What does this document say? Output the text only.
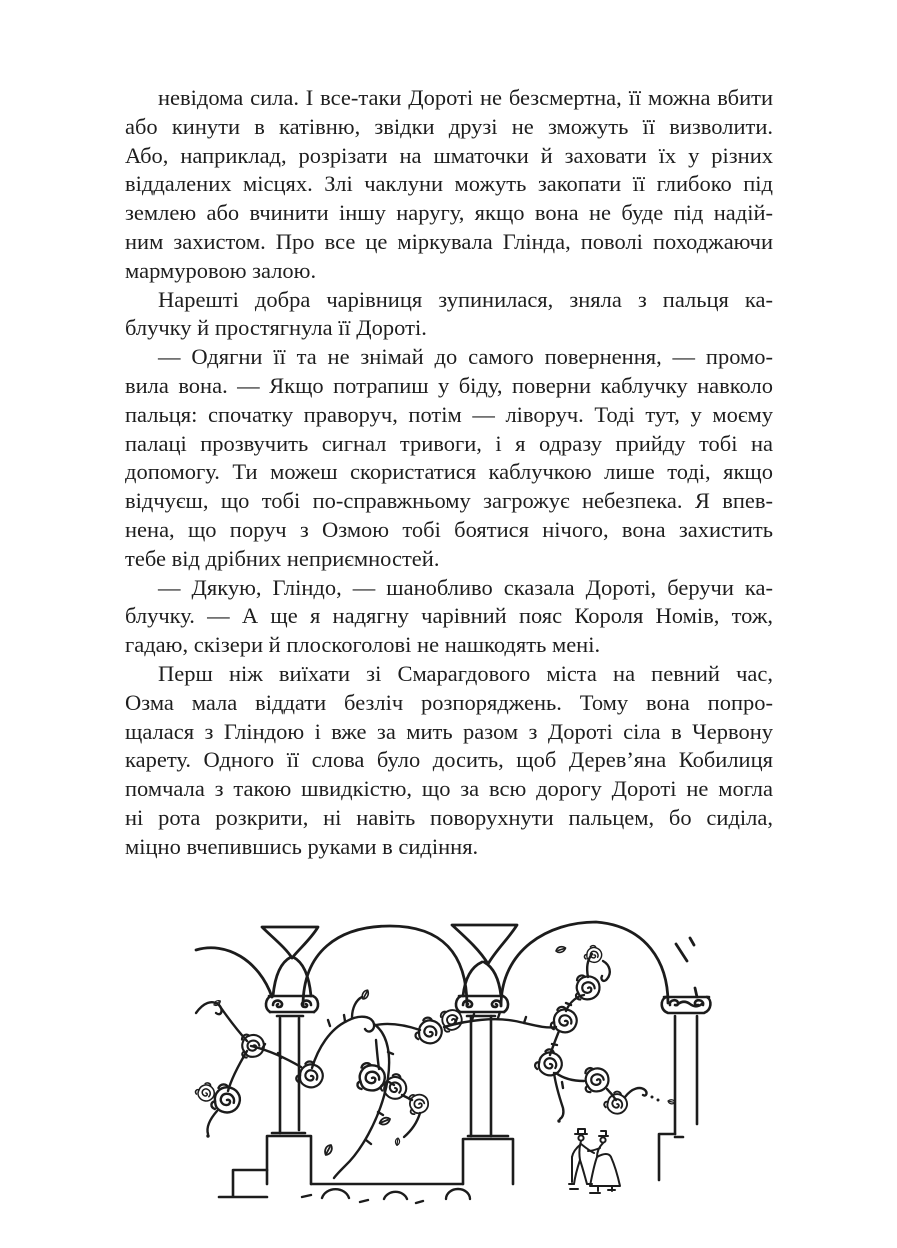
невідома сила. І все-таки Дороті не безсмертна, її можна вбити
або кинути в катівню, звідки друзі не зможуть її визволити.
Або, наприклад, розрізати на шматочки й заховати їх у різних
віддалених місцях. Злі чаклуни можуть закопати її глибоко під
землею або вчинити іншу наругу, якщо вона не буде під надій-
ним захистом. Про все це міркувала Глінда, поволі походжаючи
мармуровою залою.
Нарешті добра чарівниця зупинилася, зняла з пальця ка-
блучку й простягнула її Дороті.
— Одягни її та не знімай до самого повернення, — промо-
вила вона. — Якщо потрапиш у біду, поверни каблучку навколо
пальця: спочатку праворуч, потім — ліворуч. Тоді тут, у моєму
палаці прозвучить сигнал тривоги, і я одразу прийду тобі на
допомогу. Ти можеш скористатися каблучкою лише тоді, якщо
відчуєш, що тобі по-справжньому загрожує небезпека. Я впев-
нена, що поруч з Озмою тобі боятися нічого, вона захистить
тебе від дрібних неприємностей.
— Дякую, Гліндо, — шанобливо сказала Дороті, беручи ка-
блучку. — А ще я надягну чарівний пояс Короля Номів, тож,
гадаю, скізери й плоскоголові не нашкодять мені.
Перш ніж виїхати зі Смарагдового міста на певний час,
Озма мала віддати безліч розпоряджень. Тому вона попро-
щалася з Гліндою і вже за мить разом з Дороті сіла в Червону
карету. Одного її слова було досить, щоб Дерев’яна Кобилиця
помчала з такою швидкістю, що за всю дорогу Дороті не могла
ні рота розкрити, ні навіть поворухнути пальцем, бо сиділа,
міцно вчепившись руками в сидіння.
